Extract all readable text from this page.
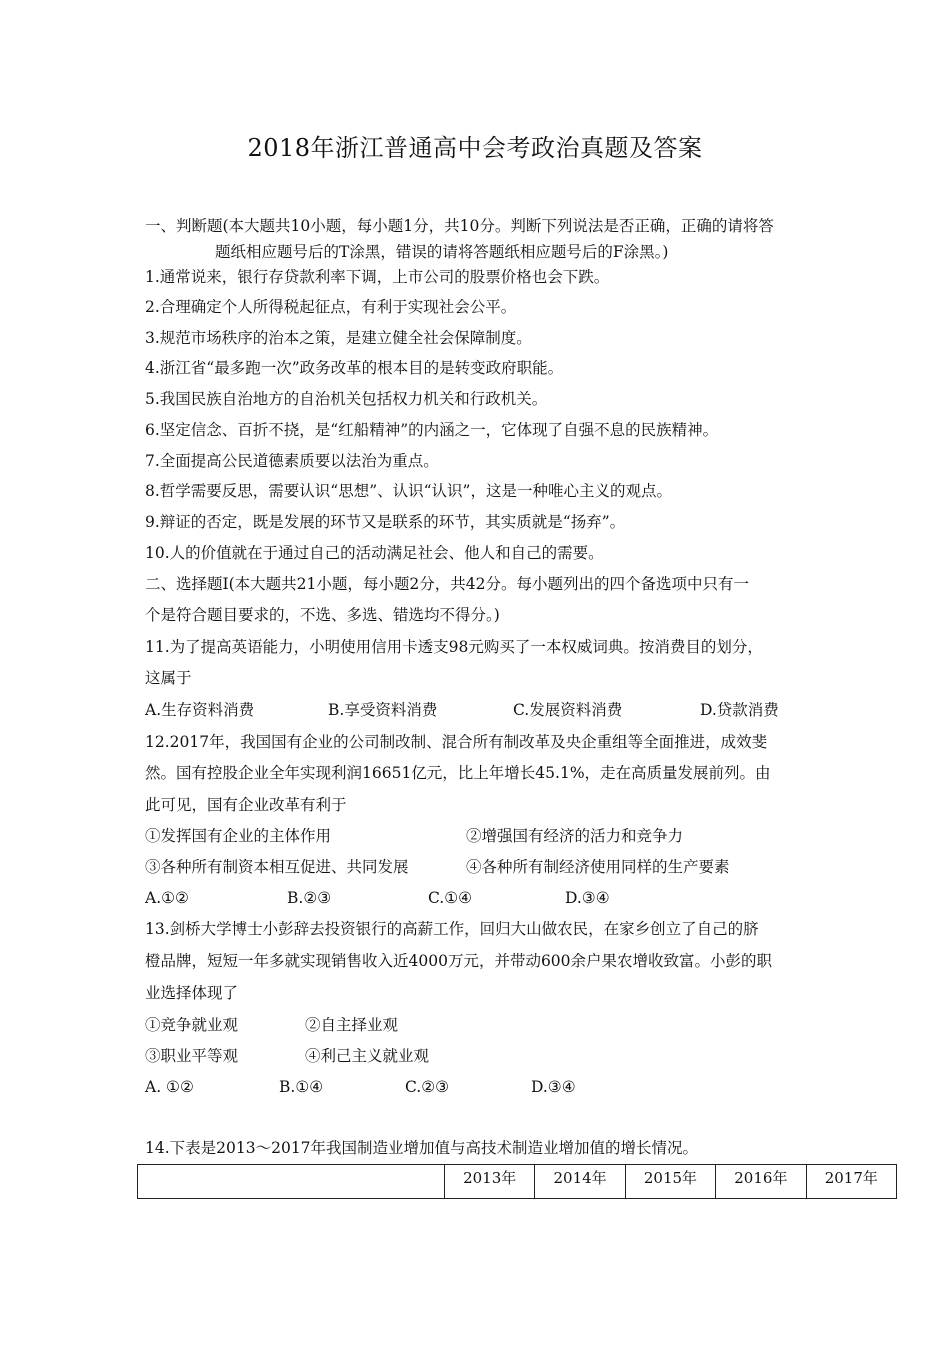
2018年浙江普通高中会考政治真题及答案
一、判断题(本大题共10小题，每小题1分，共10分。判断下列说法是否正确，正确的请将答
题纸相应题号后的T涂黑，错误的请将答题纸相应题号后的F涂黑。)
1.通常说来，银行存贷款利率下调，上市公司的股票价格也会下跌。
2.合理确定个人所得税起征点，有利于实现社会公平。
3.规范市场秩序的治本之策，是建立健全社会保障制度。
4.浙江省“最多跑一次”政务改革的根本目的是转变政府职能。
5.我国民族自治地方的自治机关包括权力机关和行政机关。
6.坚定信念、百折不挠，是“红船精神”的内涵之一，它体现了自强不息的民族精神。
7.全面提高公民道德素质要以法治为重点。
8.哲学需要反思，需要认识“思想”、认识“认识”，这是一种唯心主义的观点。
9.辩证的否定，既是发展的环节又是联系的环节，其实质就是“扬弃”。
10.人的价值就在于通过自己的活动满足社会、他人和自己的需要。
二、选择题Ⅰ(本大题共21小题，每小题2分，共42分。每小题列出的四个备选项中只有一
个是符合题目要求的，不选、多选、错选均不得分。)
11.为了提高英语能力，小明使用信用卡透支98元购买了一本权威词典。按消费目的划分，
这属于
A.生存资料消费	B.享受资料消费	C.发展资料消费	D.贷款消费
12.2017年，我国国有企业的公司制改制、混合所有制改革及央企重组等全面推进，成效斐
然。国有控股企业全年实现利润16651亿元，比上年增长45.1%，走在高质量发展前列。由
此可见，国有企业改革有利于
①发挥国有企业的主体作用	②增强国有经济的活力和竞争力
③各种所有制资本相互促进、共同发展	④各种所有制经济使用同样的生产要素
A.①②	B.②③	C.①④	D.③④
13.剑桥大学博士小彭辞去投资银行的高薪工作，回归大山做农民，在家乡创立了自己的脐
橙品牌，短短一年多就实现销售收入近4000万元，并带动600余户果农增收致富。小彭的职
业选择体现了
①竞争就业观	②自主择业观
③职业平等观	④利己主义就业观
A. ①②	B.①④	C.②③	D.③④
14.下表是2013～2017年我国制造业增加值与高技术制造业增加值的增长情况。
	2013年	2014年	2015年	2016年	2017年
